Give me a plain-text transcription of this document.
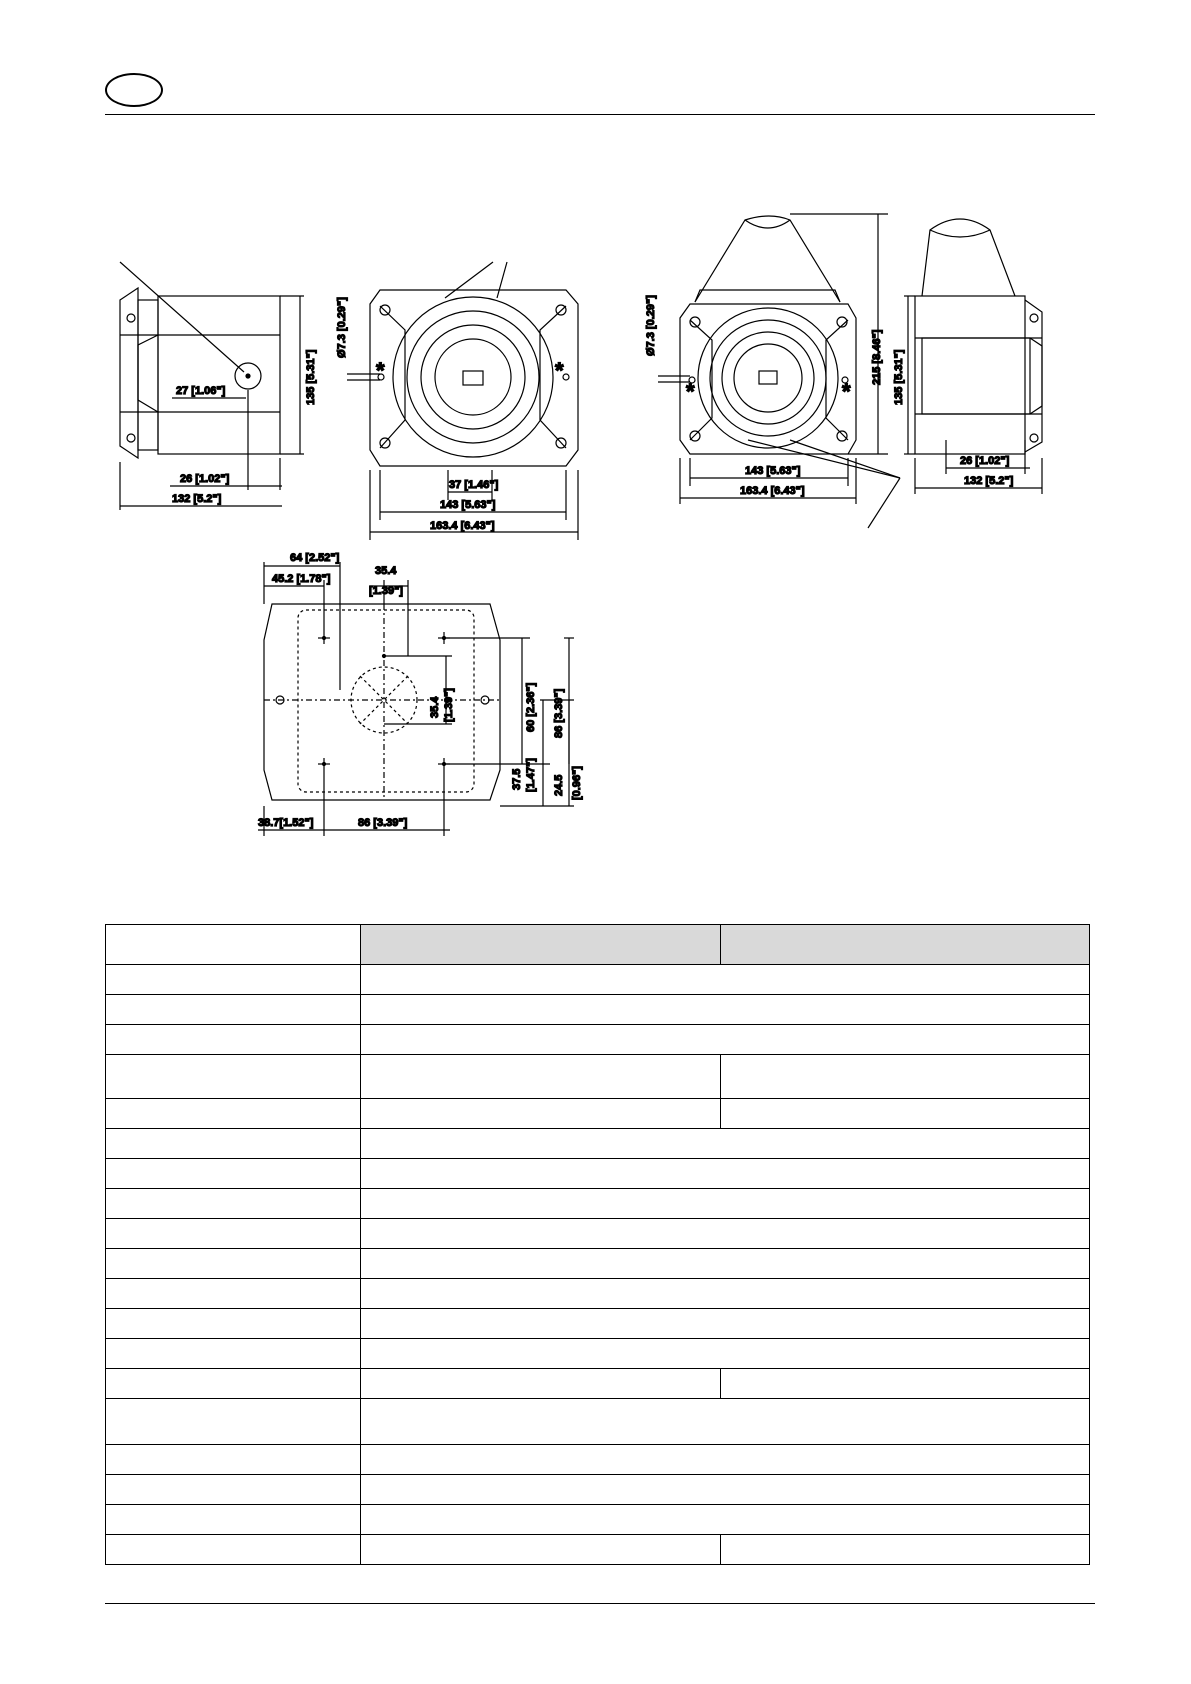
27 [1.06"]
26 [1.02"]
132 [5.2"]
135 [5.31"]
Ø7.3 [0.29"]
*	*
37 [1.46"]
143 [5.63"]
163.4 [6.43"]
Ø7.3 [0.29"]
*	*
143 [5.63"]
163.4 [6.43"]
215 [8.46"] 135 [5.31"]
26 [1.02"]
132 [5.2"]
64 [2.52"]
45.2 [1.78"]
35.4
[1.39"]
35.4 [1.39"]	60 [2.36"] 86 [3.39"]
37.5 [1.47"] 24.5 [0.96"]
38.7[1.52"]	86 [3.39"]
